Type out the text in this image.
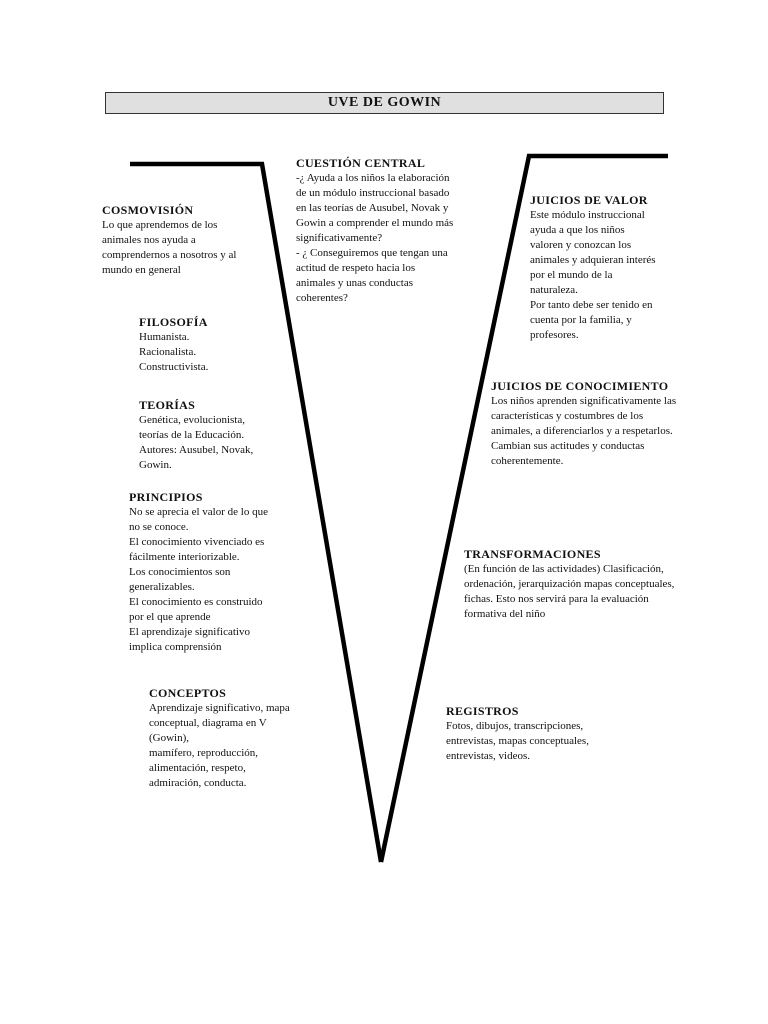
UVE DE GOWIN
CUESTIÓN CENTRAL
-¿ Ayuda a los niños la elaboración
de un módulo instruccional basado
en las teorías de Ausubel, Novak y
Gowin a comprender el mundo más
significativamente?
- ¿ Conseguiremos que tengan una
actitud de respeto hacia los
animales y unas conductas
coherentes?
COSMOVISIÓN
Lo que aprendemos de los
animales nos ayuda a
comprendernos a nosotros y al
mundo en general
FILOSOFÍA
Humanista.
Racionalista.
Constructivista.
TEORÍAS
Genética, evolucionista,
teorías de la Educación.
Autores: Ausubel, Novak,
Gowin.
PRINCIPIOS
No se aprecia el valor de lo que
no se conoce.
El conocimiento vivenciado es
fácilmente interiorizable.
Los conocimientos son
generalizables.
El conocimiento es construido
por el que aprende
El aprendizaje significativo
implica comprensión
CONCEPTOS
Aprendizaje significativo, mapa
conceptual, diagrama en V
(Gowin),
mamífero, reproducción,
alimentación, respeto,
admiración, conducta.
JUICIOS DE VALOR
Este módulo instruccional
ayuda a que los niños
valoren y conozcan los
animales y adquieran interés
por el mundo de la
naturaleza.
Por tanto debe ser tenido en
cuenta por la familia, y
profesores.
JUICIOS DE CONOCIMIENTO
Los niños aprenden significativamente las
características y costumbres de los
animales, a diferenciarlos y a respetarlos.
Cambian sus actitudes y conductas
coherentemente.
TRANSFORMACIONES
(En función de las actividades) Clasificación,
ordenación, jerarquización mapas conceptuales,
fichas. Esto nos servirá para la evaluación
formativa del niño
REGISTROS
Fotos, dibujos, transcripciones,
entrevistas, mapas conceptuales,
entrevistas, videos.
